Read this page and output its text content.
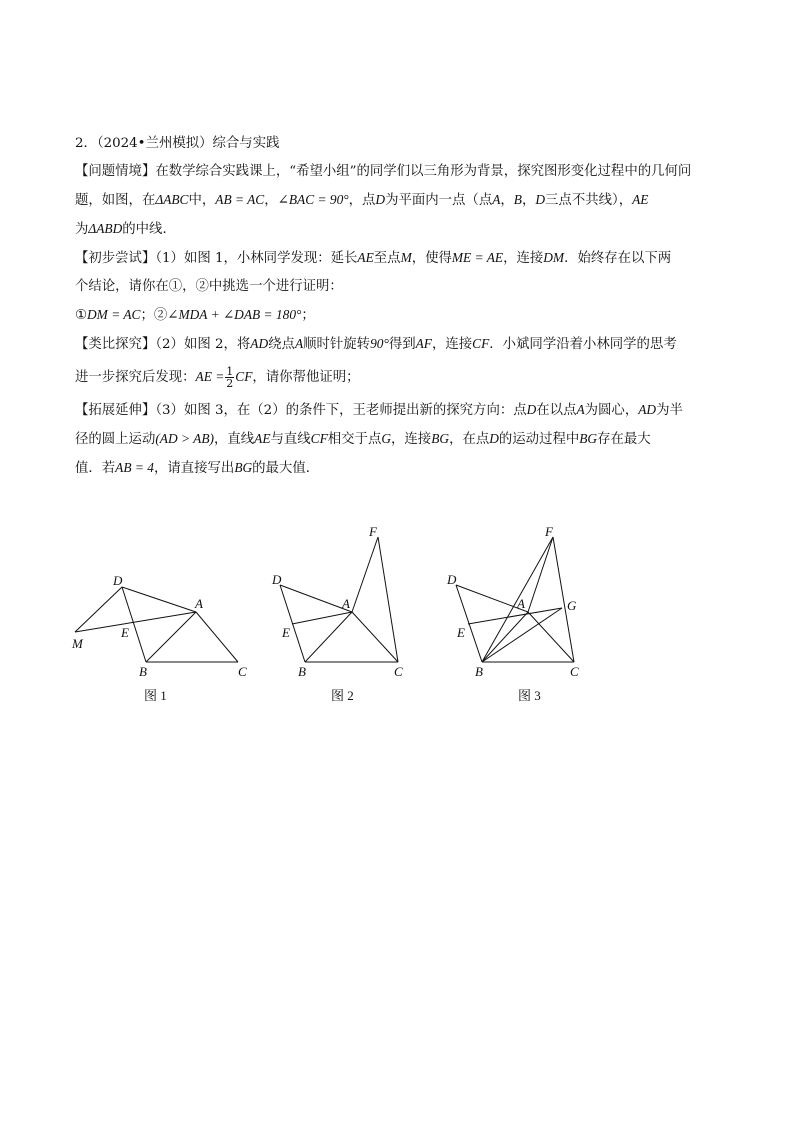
2．（2024•兰州模拟）综合与实践
【问题情境】在数学综合实践课上，“希望小组”的同学们以三角形为背景，探究图形变化过程中的几何问
题，如图，在ΔABC中，AB = AC，∠BAC = 90°，点D为平面内一点（点A，B，D三点不共线），AE
为ΔABD的中线．
【初步尝试】（1）如图 1，小林同学发现：延长AE至点M，使得ME = AE，连接DM．始终存在以下两
个结论，请你在①，②中挑选一个进行证明：
①DM = AC；②∠MDA + ∠DAB = 180°；
【类比探究】（2）如图 2，将AD绕点A顺时针旋转90°得到AF，连接CF．小斌同学沿着小林同学的思考
进一步探究后发现：AE = $\frac{1}{2}$ CF，请你帮他证明；
【拓展延伸】（3）如图 3，在（2）的条件下，王老师提出新的探究方向：点D在以点A为圆心，AD为半
径的圆上运动(AD > AB)，直线AE与直线CF相交于点G，连接BG，在点D的运动过程中BG存在最大
值．若AB = 4，请直接写出BG的最大值．
D
A
M
E
B	C
图 1
F
D
A
E
B	C
图 2
F
D
A	G
E
B	C
图 3
